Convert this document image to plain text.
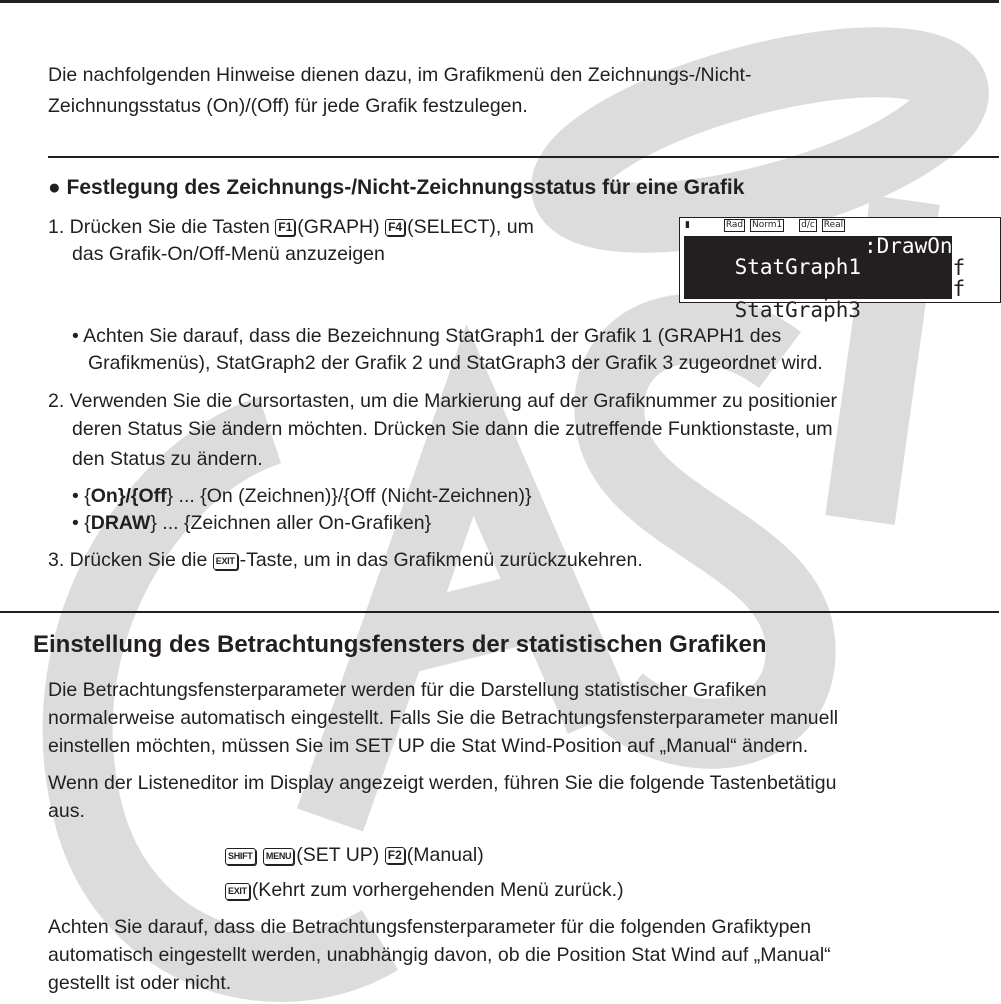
Die nachfolgenden Hinweise dienen dazu, im Grafikmenü den Zeichnungs-/Nicht-
Zeichnungsstatus (On)/(Off) für jede Grafik festzulegen.
● Festlegung des Zeichnungs-/Nicht-Zeichnungsstatus für eine Grafik
1. Drücken Sie die Tasten F1 (GRAPH) F4 (SELECT), um
das Grafik-On/Off-Menü anzuzeigen
▮	Rad Norm1 d/c Real

StatGraph1
:DrawOn

StatGraph2
:DrawOff

StatGraph3
:DrawOff

• Achten Sie darauf, dass die Bezeichnung StatGraph1 der Grafik 1 (GRAPH1 des
Grafikmenüs), StatGraph2 der Grafik 2 und StatGraph3 der Grafik 3 zugeordnet wird.
2. Verwenden Sie die Cursortasten, um die Markierung auf der Grafiknummer zu positionier
deren Status Sie ändern möchten. Drücken Sie dann die zutreffende Funktionstaste, um
den Status zu ändern.
• {On}/{Off} ... {On (Zeichnen)}/{Off (Nicht-Zeichnen)}
• {DRAW} ... {Zeichnen aller On-Grafiken}
3. Drücken Sie die EXIT -Taste, um in das Grafikmenü zurückzukehren.
Einstellung des Betrachtungsfensters der statistischen Grafiken
Die Betrachtungsfensterparameter werden für die Darstellung statistischer Grafiken
normalerweise automatisch eingestellt. Falls Sie die Betrachtungsfensterparameter manuell
einstellen möchten, müssen Sie im SET UP die Stat Wind-Position auf „Manual“ ändern.
Wenn der Listeneditor im Display angezeigt werden, führen Sie die folgende Tastenbetätigu
aus.
SHIFT MENU (SET UP) F2 (Manual)
EXIT (Kehrt zum vorhergehenden Menü zurück.)
Achten Sie darauf, dass die Betrachtungsfensterparameter für die folgenden Grafiktypen
automatisch eingestellt werden, unabhängig davon, ob die Position Stat Wind auf „Manual“
gestellt ist oder nicht.
